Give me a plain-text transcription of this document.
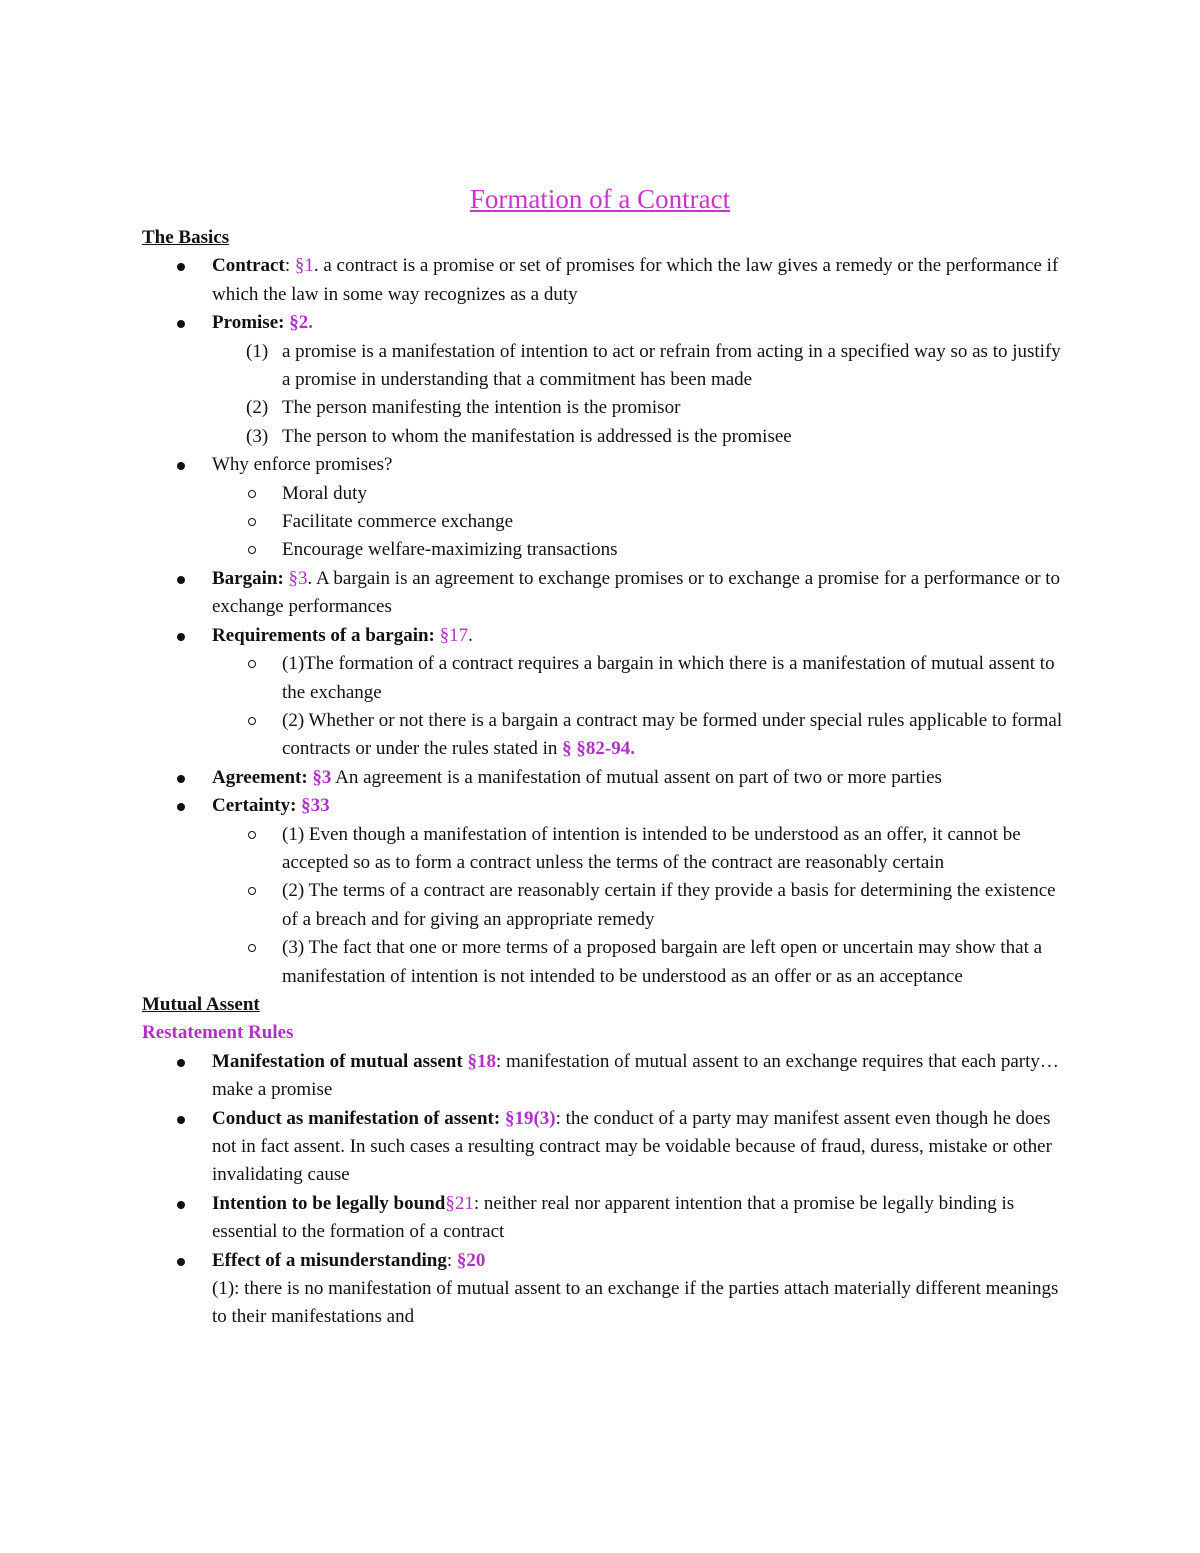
Formation of a Contract
The Basics
Contract: §1. a contract is a promise or set of promises for which the law gives a remedy or the performance if which the law in some way recognizes as a duty
Promise: §2.
(1) a promise is a manifestation of intention to act or refrain from acting in a specified way so as to justify a promise in understanding that a commitment has been made
(2) The person manifesting the intention is the promisor
(3) The person to whom the manifestation is addressed is the promisee
Why enforce promises?
Moral duty
Facilitate commerce exchange
Encourage welfare-maximizing transactions
Bargain: §3. A bargain is an agreement to exchange promises or to exchange a promise for a performance or to exchange performances
Requirements of a bargain: §17.
(1)The formation of a contract requires a bargain in which there is a manifestation of mutual assent to the exchange
(2) Whether or not there is a bargain a contract may be formed under special rules applicable to formal contracts or under the rules stated in § §82-94.
Agreement: §3 An agreement is a manifestation of mutual assent on part of two or more parties
Certainty: §33
(1) Even though a manifestation of intention is intended to be understood as an offer, it cannot be accepted so as to form a contract unless the terms of the contract are reasonably certain
(2) The terms of a contract are reasonably certain if they provide a basis for determining the existence of a breach and for giving an appropriate remedy
(3) The fact that one or more terms of a proposed bargain are left open or uncertain may show that a manifestation of intention is not intended to be understood as an offer or as an acceptance
Mutual Assent
Restatement Rules
Manifestation of mutual assent §18: manifestation of mutual assent to an exchange requires that each party… make a promise
Conduct as manifestation of assent: §19(3): the conduct of a party may manifest assent even though he does not in fact assent. In such cases a resulting contract may be voidable because of fraud, duress, mistake or other invalidating cause
Intention to be legally bound§21: neither real nor apparent intention that a promise be legally binding is essential to the formation of a contract
Effect of a misunderstanding: §20
(1): there is no manifestation of mutual assent to an exchange if the parties attach materially different meanings to their manifestations and
